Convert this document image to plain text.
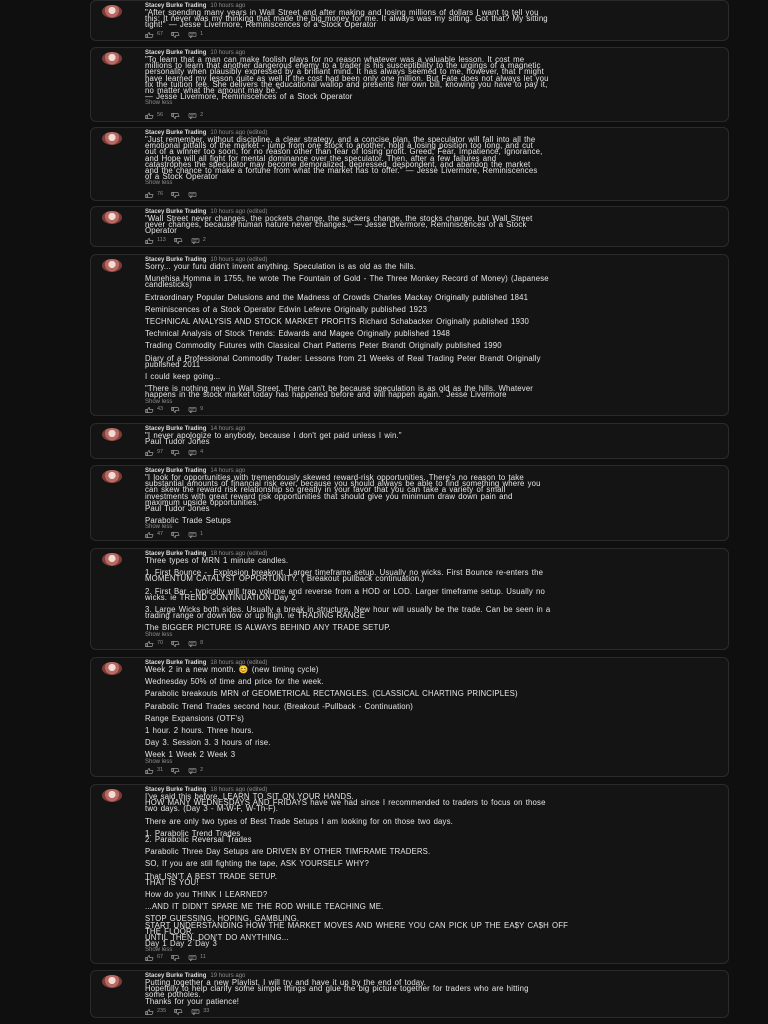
Stacey Burke Trading 10 hours ago
"After spending many years in Wall Street and after making and losing millions of dollars I want to tell you
this: It never was my thinking that made the big money for me. It always was my sitting. Got that? My sitting
tight!" — Jesse Livermore, Reminiscences of a Stock Operator
67	1
Stacey Burke Trading 10 hours ago
"To learn that a man can make foolish plays for no reason whatever was a valuable lesson. It cost me
millions to learn that another dangerous enemy to a trader is his susceptibility to the urgings of a magnetic
personality when plausibly expressed by a brilliant mind. It has always seemed to me, however, that I might
have learned my lesson quite as well if the cost had been only one million. But Fate does not always let you
fix the tuition fee. She delivers the educational wallop and presents her own bill, knowing you have to pay it,
no matter what the amount may be."
— Jesse Livermore, Reminiscences of a Stock Operator
Show less
56	2
Stacey Burke Trading 10 hours ago (edited)
"Just remember, without discipline, a clear strategy, and a concise plan, the speculator will fall into all the
emotional pitfalls of the market - jump from one stock to another, hold a losing position too long, and cut
out of a winner too soon, for no reason other than fear of losing profit. Greed, Fear, Impatience, Ignorance,
and Hope will all fight for mental dominance over the speculator. Then, after a few failures and
catastrophes the speculator may become demoralized, depressed, despondent, and abandon the market
and the chance to make a fortune from what the market has to offer." — Jesse Livermore, Reminiscences
of a Stock Operator
Show less
76
Stacey Burke Trading 10 hours ago (edited)
"Wall Street never changes, the pockets change, the suckers change, the stocks change, but Wall Street
never changes, because human nature never changes." — Jesse Livermore, Reminiscences of a Stock
Operator
113	2
Stacey Burke Trading 10 hours ago (edited)
Sorry... your furu didn't invent anything. Speculation is as old as the hills.
Munehisa Homma in 1755, he wrote The Fountain of Gold - The Three Monkey Record of Money) (Japanese
candlesticks)
Extraordinary Popular Delusions and the Madness of Crowds Charles Mackay Originally published 1841
Reminiscences of a Stock Operator Edwin Lefevre Originally published 1923
TECHNICAL ANALYSIS AND STOCK MARKET PROFITS Richard Schabacker Originally published 1930
Technical Analysis of Stock Trends: Edwards and Magee Originally published 1948
Trading Commodity Futures with Classical Chart Patterns Peter Brandt Originally published 1990
Diary of a Professional Commodity Trader: Lessons from 21 Weeks of Real Trading Peter Brandt Originally
published 2011
I could keep going...
"There is nothing new in Wall Street. There can't be because speculation is as old as the hills. Whatever
happens in the stock market today has happened before and will happen again." Jesse Livermore
Show less
43	9
Stacey Burke Trading 14 hours ago
"I never apologize to anybody, because I don't get paid unless I win."
Paul Tudor Jones
97	4
Stacey Burke Trading 14 hours ago
"I look for opportunities with tremendously skewed reward-risk opportunities. There's no reason to take
substantial amounts of financial risk ever, because you should always be able to find something where you
can skew the reward risk relationship so greatly in your favor that you can take a variety of small
investments with great reward risk opportunities that should give you minimum draw down pain and
maximum upside opportunities."
Paul Tudor Jones
Parabolic Trade Setups
Show less
47	1
Stacey Burke Trading 18 hours ago (edited)
Three types of MRN 1 minute candles.
1. First Bounce -  Explosion breakout. Larger timeframe setup. Usually no wicks. First Bounce re-enters the
MOMENTUM CATALYST OPPORTUNITY. ( Breakout pullback continuation.)
2. First Bar - typically will trap volume and reverse from a HOD or LOD. Larger timeframe setup. Usually no
wicks. ie TREND CONTINUATION Day 2
3. Large Wicks both sides. Usually a break in structure. New hour will usually be the trade. Can be seen in a
trading range or down low or up high. ie TRADING RANGE
The BIGGER PICTURE IS ALWAYS BEHIND ANY TRADE SETUP.
Show less
70	8
Stacey Burke Trading 18 hours ago (edited)
Week 2 in a new month. 😊 (new timing cycle)
Wednesday 50% of time and price for the week.
Parabolic breakouts MRN of GEOMETRICAL RECTANGLES. (CLASSICAL CHARTING PRINCIPLES)
Parabolic Trend Trades second hour. (Breakout -Pullback - Continuation)
Range Expansions (OTF's)
1 hour. 2 hours. Three hours.
Day 3. Session 3. 3 hours of rise.
Week 1 Week 2 Week 3
Show less
31	2
Stacey Burke Trading 18 hours ago (edited)
I've said this before. LEARN TO SIT ON YOUR HANDS.
HOW MANY WEDNESDAYS AND FRIDAYS have we had since I recommended to traders to focus on those
two days. (Day 3 - M-W-F, W-Th-F).
There are only two types of Best Trade Setups I am looking for on those two days.
1. Parabolic Trend Trades
2. Parabolic Reversal Trades
Parabolic Three Day Setups are DRIVEN BY OTHER TIMFRAME TRADERS.
SO, If you are still fighting the tape, ASK YOURSELF WHY?
That ISN'T A BEST TRADE SETUP.
THAT IS YOU!
How do you THINK I LEARNED?
...AND IT DIDN'T SPARE ME THE ROD WHILE TEACHING ME.
STOP GUESSING, HOPING, GAMBLING.
START UNDERSTANDING HOW THE MARKET MOVES AND WHERE YOU CAN PICK UP THE EA$Y CA$H OFF
THE FLOOR.
UNTIL THEN, DON'T DO ANYTHING...
Day 1 Day 2 Day 3
Show less
67	11
Stacey Burke Trading 19 hours ago
Putting together a new Playlist, I will try and have it up by the end of today.
Hopefully to help clarify some simple things and glue the big picture together for traders who are hitting
some potholes.
Thanks for your patience!
235	33
